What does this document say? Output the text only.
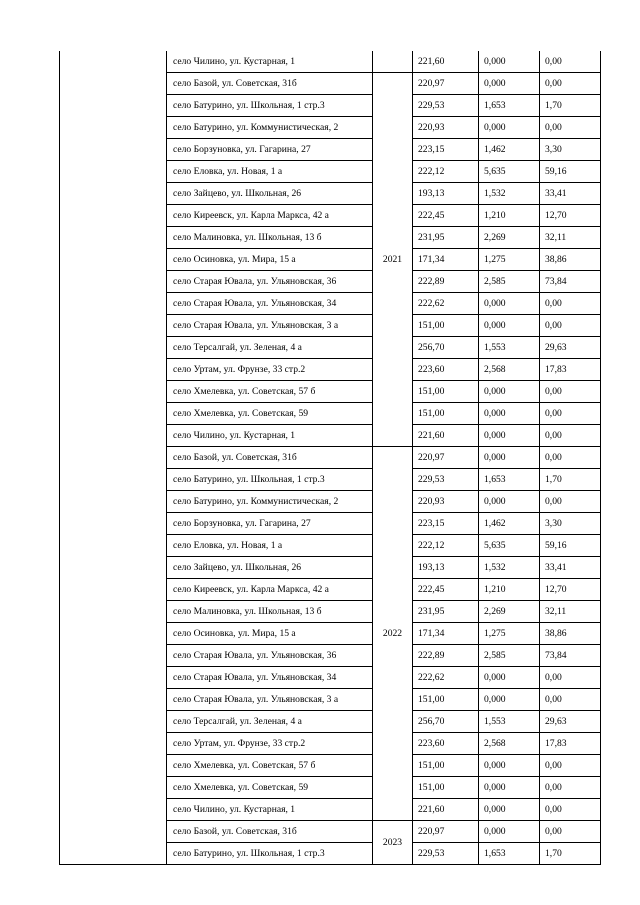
	село Чилино, ул. Кустарная, 1		221,60	0,000	0,00
	село Базой, ул. Советская, 31б	2021	220,97	0,000	0,00
	село Батурино, ул. Школьная, 1 стр.3		229,53	1,653	1,70
	село Батурино, ул. Коммунистическая, 2		220,93	0,000	0,00
	село Борзуновка, ул. Гагарина, 27		223,15	1,462	3,30
	село Еловка, ул. Новая, 1 а		222,12	5,635	59,16
	село Зайцево, ул. Школьная, 26		193,13	1,532	33,41
	село Киреевск, ул. Карла Маркса, 42 а		222,45	1,210	12,70
	село Малиновка, ул. Школьная, 13 б		231,95	2,269	32,11
	село Осиновка, ул. Мира, 15 а		171,34	1,275	38,86
	село Старая Ювала, ул. Ульяновская, 36		222,89	2,585	73,84
	село Старая Ювала, ул. Ульяновская, 34		222,62	0,000	0,00
	село Старая Ювала, ул. Ульяновская, 3 а		151,00	0,000	0,00
	село Терсалгай, ул. Зеленая, 4 а		256,70	1,553	29,63
	село Уртам, ул. Фрунзе, 33 стр.2		223,60	2,568	17,83
	село Хмелевка, ул. Советская, 57 б		151,00	0,000	0,00
	село Хмелевка, ул. Советская, 59		151,00	0,000	0,00
	село Чилино, ул. Кустарная, 1		221,60	0,000	0,00
	село Базой, ул. Советская, 31б	2022	220,97	0,000	0,00
	село Батурино, ул. Школьная, 1 стр.3		229,53	1,653	1,70
	село Батурино, ул. Коммунистическая, 2		220,93	0,000	0,00
	село Борзуновка, ул. Гагарина, 27		223,15	1,462	3,30
	село Еловка, ул. Новая, 1 а		222,12	5,635	59,16
	село Зайцево, ул. Школьная, 26		193,13	1,532	33,41
	село Киреевск, ул. Карла Маркса, 42 а		222,45	1,210	12,70
	село Малиновка, ул. Школьная, 13 б		231,95	2,269	32,11
	село Осиновка, ул. Мира, 15 а		171,34	1,275	38,86
	село Старая Ювала, ул. Ульяновская, 36		222,89	2,585	73,84
	село Старая Ювала, ул. Ульяновская, 34		222,62	0,000	0,00
	село Старая Ювала, ул. Ульяновская, 3 а		151,00	0,000	0,00
	село Терсалгай, ул. Зеленая, 4 а		256,70	1,553	29,63
	село Уртам, ул. Фрунзе, 33 стр.2		223,60	2,568	17,83
	село Хмелевка, ул. Советская, 57 б		151,00	0,000	0,00
	село Хмелевка, ул. Советская, 59		151,00	0,000	0,00
	село Чилино, ул. Кустарная, 1		221,60	0,000	0,00
	село Базой, ул. Советская, 31б	2023	220,97	0,000	0,00
	село Батурино, ул. Школьная, 1 стр.3		229,53	1,653	1,70
